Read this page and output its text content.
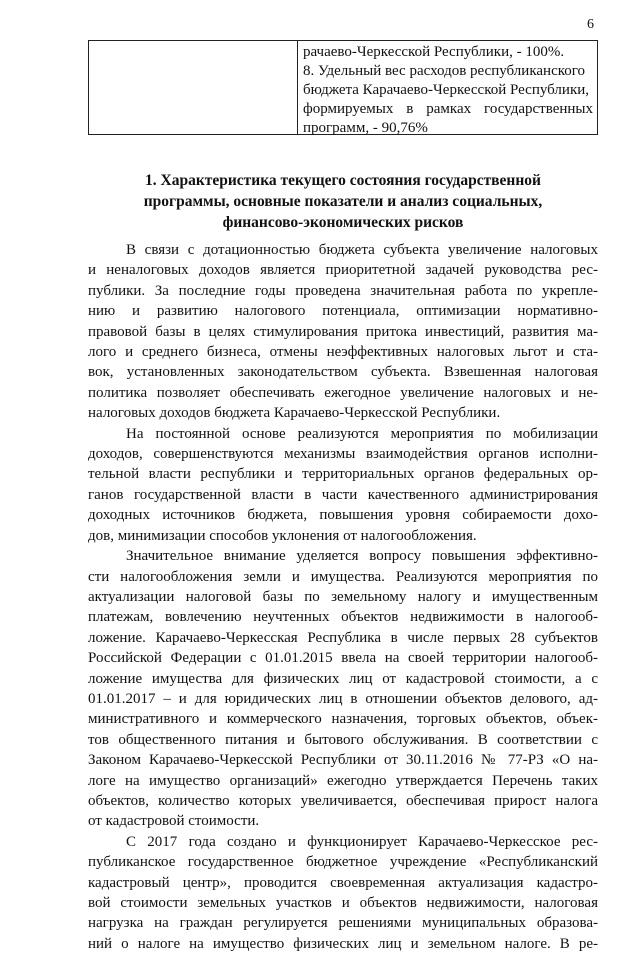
6
рачаево-Черкесской Республики, - 100%.
8. Удельный вес расходов республиканского
бюджета Карачаево-Черкесской Республики,
формируемых в рамках государственных
программ, - 90,76%
1. Характеристика текущего состояния государственной
программы, основные показатели и анализ социальных,
финансово-экономических рисков
В связи с дотационностью бюджета субъекта увеличение налоговых
и неналоговых доходов является приоритетной задачей руководства рес-
публики. За последние годы проведена значительная работа по укрепле-
нию и развитию налогового потенциала, оптимизации нормативно-
правовой базы в целях стимулирования притока инвестиций, развития ма-
лого и среднего бизнеса, отмены неэффективных налоговых льгот и ста-
вок, установленных законодательством субъекта. Взвешенная налоговая
политика позволяет обеспечивать ежегодное увеличение налоговых и не-
налоговых доходов бюджета Карачаево-Черкесской Республики.
На постоянной основе реализуются мероприятия по мобилизации
доходов, совершенствуются механизмы взаимодействия органов исполни-
тельной власти республики и территориальных органов федеральных ор-
ганов государственной власти в части качественного администрирования
доходных источников бюджета, повышения уровня собираемости дохо-
дов, минимизации способов уклонения от налогообложения.
Значительное внимание уделяется вопросу повышения эффективно-
сти налогообложения земли и имущества. Реализуются мероприятия по
актуализации налоговой базы по земельному налогу и имущественным
платежам, вовлечению неучтенных объектов недвижимости в налогооб-
ложение. Карачаево-Черкесская Республика в числе первых 28 субъектов
Российской Федерации с 01.01.2015 ввела на своей территории налогооб-
ложение имущества для физических лиц от кадастровой стоимости, а с
01.01.2017 – и для юридических лиц в отношении объектов делового, ад-
министративного и коммерческого назначения, торговых объектов, объек-
тов общественного питания и бытового обслуживания. В соответствии с
Законом Карачаево-Черкесской Республики от 30.11.2016 № 77-РЗ «О на-
логе на имущество организаций» ежегодно утверждается Перечень таких
объектов, количество которых увеличивается, обеспечивая прирост налога
от кадастровой стоимости.
С 2017 года создано и функционирует Карачаево-Черкесское рес-
публиканское государственное бюджетное учреждение «Республиканский
кадастровый центр», проводится своевременная актуализация кадастро-
вой стоимости земельных участков и объектов недвижимости, налоговая
нагрузка на граждан регулируется решениями муниципальных образова-
ний о налоге на имущество физических лиц и земельном налоге. В ре-
